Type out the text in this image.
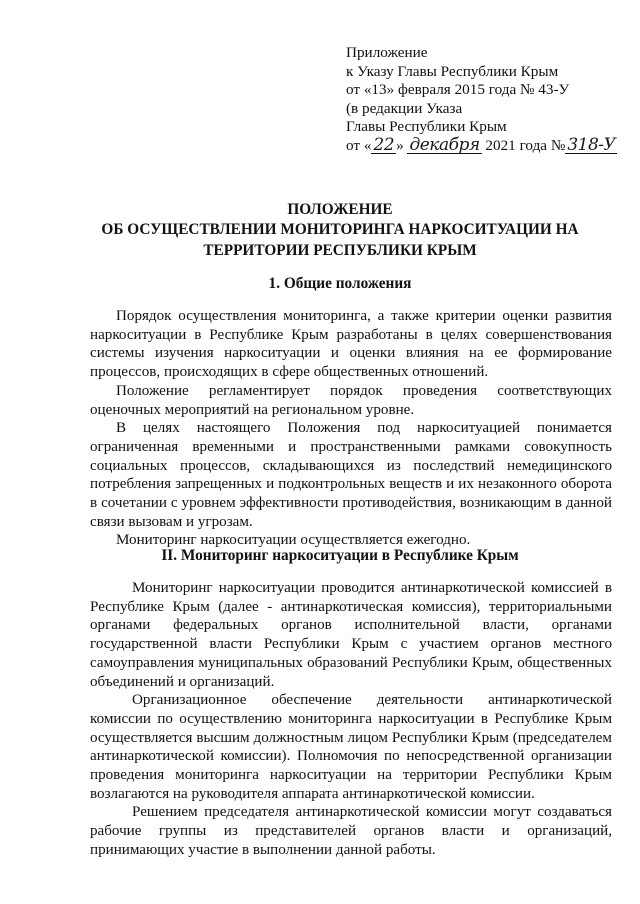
Приложение
к Указу Главы Республики Крым
от «13» февраля 2015 года № 43-У
(в редакции Указа
Главы Республики Крым
от « 22 » декабря 2021 года № 318-У
ПОЛОЖЕНИЕ
ОБ ОСУЩЕСТВЛЕНИИ МОНИТОРИНГА НАРКОСИТУАЦИИ НА
ТЕРРИТОРИИ РЕСПУБЛИКИ КРЫМ
1. Общие положения

Порядок осуществления мониторинга, а также критерии оценки развития наркоситуации в Республике Крым разработаны в целях совершенствования системы изучения наркоситуации и оценки влияния на ее формирование процессов, происходящих в сфере общественных отношений.

Положение регламентирует порядок проведения соответствующих оценочных мероприятий на региональном уровне.

В целях настоящего Положения под наркоситуацией понимается ограниченная временными и пространственными рамками совокупность социальных процессов, складывающихся из последствий немедицинского потребления запрещенных и подконтрольных веществ и их незаконного оборота в сочетании с уровнем эффективности противодействия, возникающим в данной связи вызовам и угрозам.

Мониторинг наркоситуации осуществляется ежегодно.

II. Мониторинг наркоситуации в Республике Крым

Мониторинг наркоситуации проводится антинаркотической комиссией в Республике Крым (далее - антинаркотическая комиссия), территориальными органами федеральных органов исполнительной власти, органами государственной власти Республики Крым с участием органов местного самоуправления муниципальных образований Республики Крым, общественных объединений и организаций.

Организационное обеспечение деятельности антинаркотической комиссии по осуществлению мониторинга наркоситуации в Республике Крым осуществляется высшим должностным лицом Республики Крым (председателем антинаркотической комиссии). Полномочия по непосредственной организации проведения мониторинга наркоситуации на территории Республики Крым возлагаются на руководителя аппарата антинаркотической комиссии.

Решением председателя антинаркотической комиссии могут создаваться рабочие группы из представителей органов власти и организаций, принимающих участие в выполнении данной работы.
